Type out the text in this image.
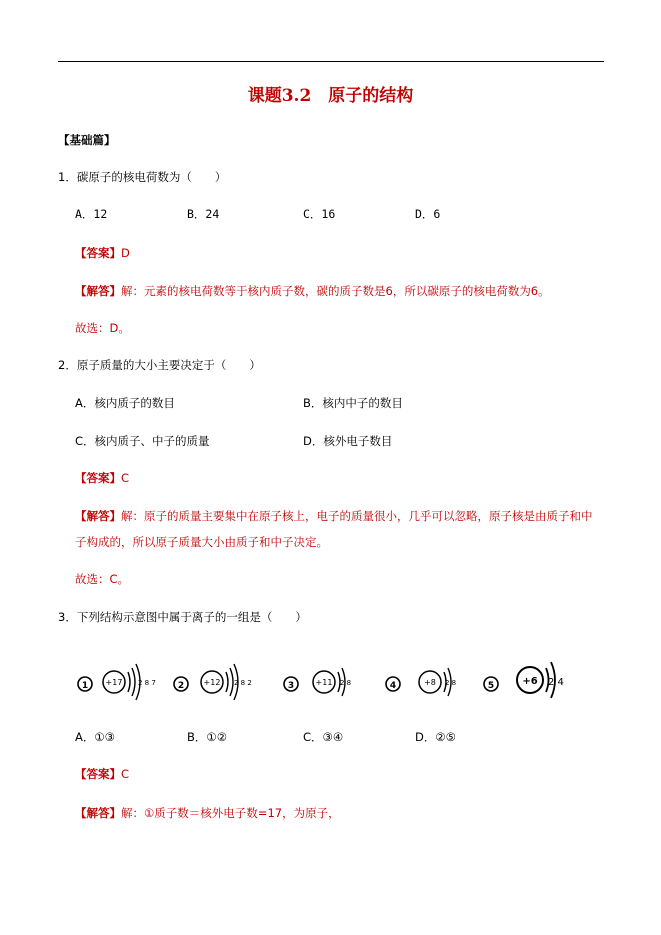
课题3.2　原子的结构
【基础篇】
1．碳原子的核电荷数为（　　）
A．12	B．24	C．16	D．6
【答案】D
【解答】解：元素的核电荷数等于核内质子数，碳的质子数是6，所以碳原子的核电荷数为6。
故选：D。
2．原子质量的大小主要决定于（　　）
A．核内质子的数目	B．核内中子的数目
C．核内质子、中子的质量	D．核外电子数目
【答案】C
【解答】解：原子的质量主要集中在原子核上，电子的质量很小，几乎可以忽略，原子核是由质子和中
子构成的，所以原子质量大小由质子和中子决定。
故选：C。
3．下列结构示意图中属于离子的一组是（　　）
1 +17 2 8 7 2 +12 2 8 2	3	+11 2 8	4	+8 2 8	5	+6 2 4
A．①③	B．①②	C．③④	D．②⑤
【答案】C
【解答】解：①质子数＝核外电子数=17，为原子，
